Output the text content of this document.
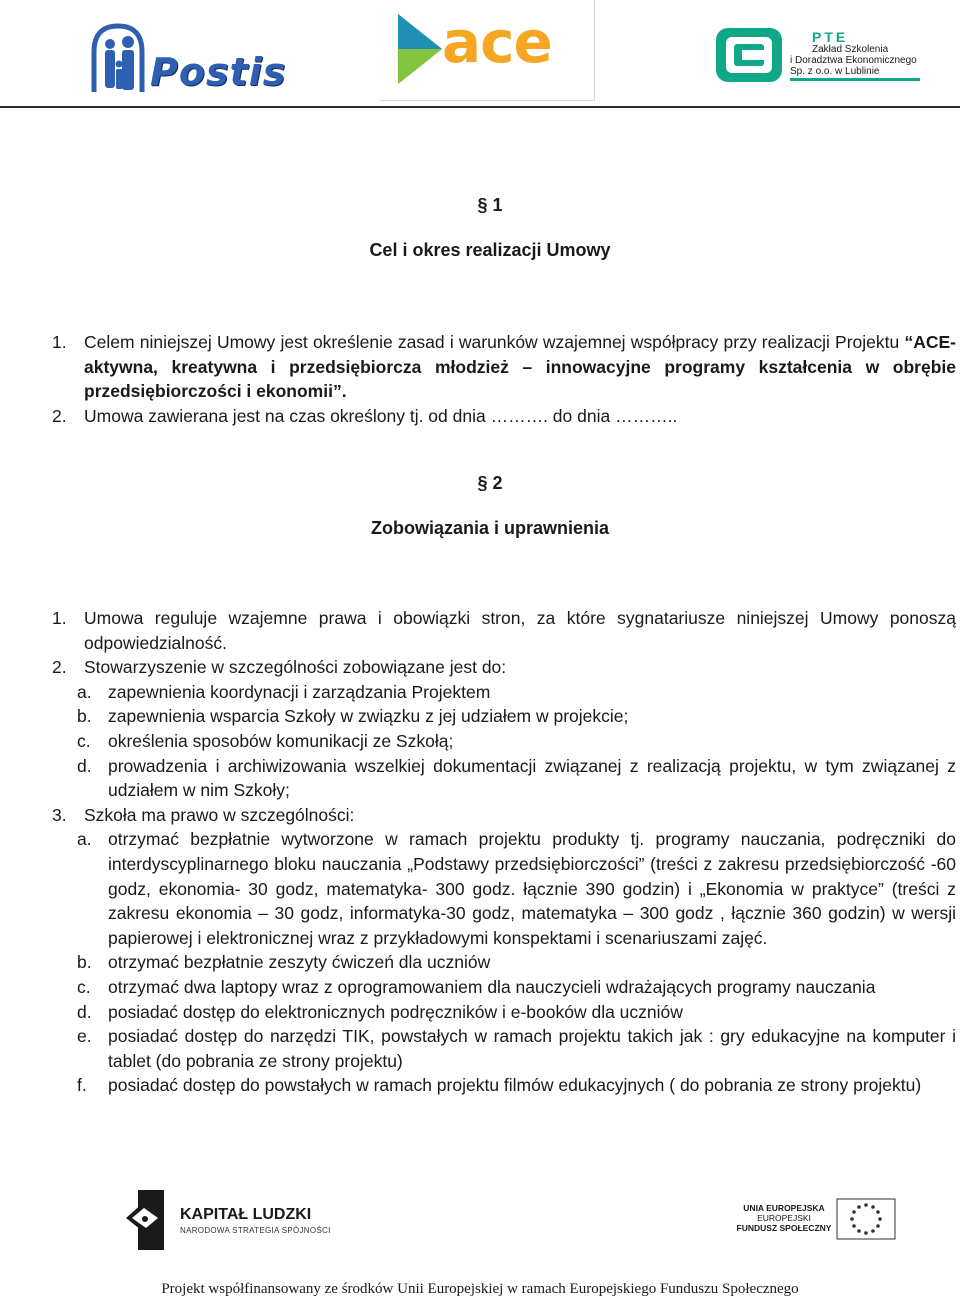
Postis	ace	PTE
Zakład Szkolenia
i Doradztwa Ekonomicznego
Sp. z o.o. w Lublinie
§ 1
Cel i okres realizacji Umowy
1. Celem niniejszej Umowy jest określenie zasad i warunków wzajemnej współpracy przy realizacji Projektu “ACE- aktywna, kreatywna i przedsiębiorcza młodzież – innowacyjne programy kształcenia w obrębie przedsiębiorczości i ekonomii”.
2. Umowa zawierana jest na czas określony tj. od dnia ………. do dnia ………..
§ 2
Zobowiązania i uprawnienia
1. Umowa reguluje wzajemne prawa i obowiązki stron, za które sygnatariusze niniejszej Umowy ponoszą odpowiedzialność.
2. Stowarzyszenie w szczególności zobowiązane jest do:
a. zapewnienia koordynacji i zarządzania Projektem
b. zapewnienia wsparcia Szkoły w związku z jej udziałem w projekcie;
c. określenia sposobów komunikacji ze Szkołą;
d. prowadzenia i archiwizowania wszelkiej dokumentacji związanej z realizacją projektu, w tym związanej z udziałem w nim Szkoły;
3. Szkoła ma prawo w szczególności:
a. otrzymać bezpłatnie wytworzone w ramach projektu produkty tj. programy nauczania, podręczniki do interdyscyplinarnego bloku nauczania „Podstawy przedsiębiorczości” (treści z zakresu przedsiębiorczość -60 godz, ekonomia- 30 godz, matematyka- 300 godz. łącznie 390 godzin) i „Ekonomia w praktyce” (treści z zakresu ekonomia – 30 godz, informatyka-30 godz, matematyka – 300 godz , łącznie 360 godzin) w wersji papierowej i elektronicznej wraz z przykładowymi konspektami i scenariuszami zajęć.
b. otrzymać bezpłatnie zeszyty ćwiczeń dla uczniów
c. otrzymać dwa laptopy wraz z oprogramowaniem dla nauczycieli wdrażających programy nauczania
d. posiadać dostęp do elektronicznych podręczników i e-booków dla uczniów
e. posiadać dostęp do narzędzi TIK, powstałych w ramach projektu takich jak : gry edukacyjne na komputer i tablet (do pobrania ze strony projektu)
f. posiadać dostęp do powstałych w ramach projektu filmów edukacyjnych ( do pobrania ze strony projektu)
KAPITAŁ LUDZKI
NARODOWA STRATEGIA SPÓJNOŚCI
UNIA EUROPEJSKA
EUROPEJSKI
FUNDUSZ SPOŁECZNY
Projekt współfinansowany ze środków Unii Europejskiej w ramach Europejskiego Funduszu Społecznego
